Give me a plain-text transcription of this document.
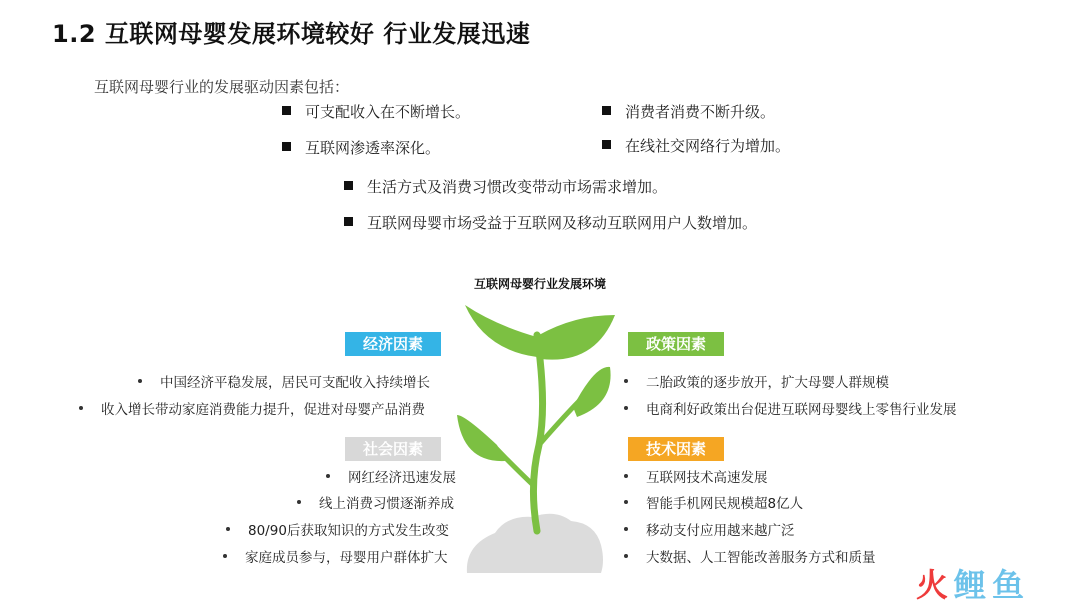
1.2 互联网母婴发展环境较好 行业发展迅速
互联网母婴行业的发展驱动因素包括：
可支配收入在不断增长。	消费者消费不断升级。
互联网渗透率深化。	在线社交网络行为增加。
生活方式及消费习惯改变带动市场需求增加。
互联网母婴市场受益于互联网及移动互联网用户人数增加。
互联网母婴行业发展环境
经济因素	政策因素
社会因素	技术因素
中国经济平稳发展，居民可支配收入持续增长
收入增长带动家庭消费能力提升，促进对母婴产品消费
二胎政策的逐步放开，扩大母婴人群规模
电商利好政策出台促进互联网母婴线上零售行业发展
网红经济迅速发展
线上消费习惯逐渐养成
80/90后获取知识的方式发生改变
家庭成员参与，母婴用户群体扩大
互联网技术高速发展
智能手机网民规模超8亿人
移动支付应用越来越广泛
大数据、人工智能改善服务方式和质量
火鲤鱼
